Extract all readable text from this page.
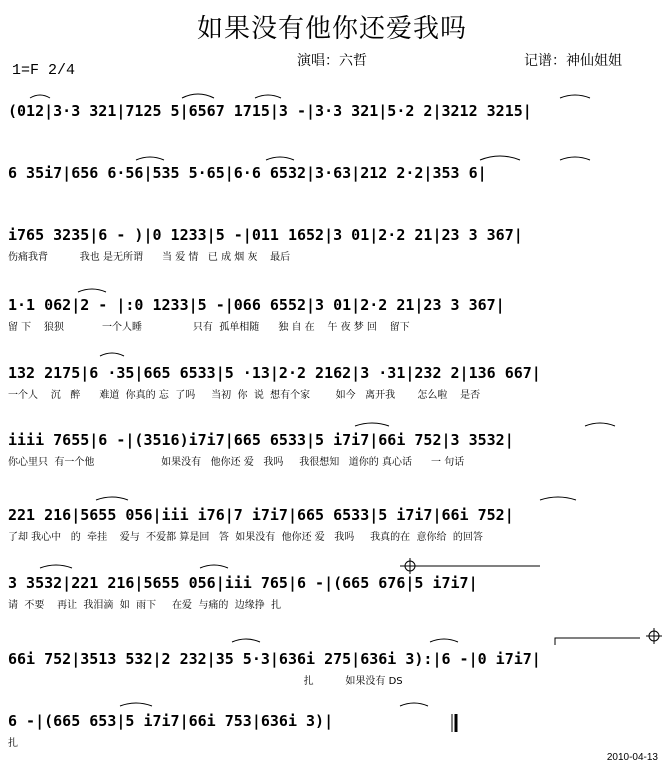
如果没有他你还爱我吗
1=F 2/4
演唱：六哲	记谱：神仙姐姐
(012|3·3 321|7125 5|6567 1715|3 -|3·3 321|5·2 2|3212 3215|
6 35i7|656 6·56|535 5·65|6·6 6532|3·63|212 2·2|353 6|
i765 3235|6 - )|0 1233|5 -|011 1652|3 01|2·2 21|23 3 367|
伤痛我背          我也 是无所谓      当 爱 情   已 成 烟 灰    最后
1·1 062|2 - |:0 1233|5 -|066 6552|3 01|2·2 21|23 3 367|
留 下    狼狈            一个人睡                只有  孤单相随      独 自 在    午 夜 梦 回    留下
132 2175|6 ·35|665 6533|5 ·13|2·2 2162|3 ·31|232 2|136 667|
一个人    沉   醉      难道  你真的 忘  了吗     当初  你  说  想有个家        如今   离开我       怎么啦    是否
iiii 7655|6 -|(3516)i7i7|665 6533|5 i7i7|66i 752|3 3532|
你心里只  有一个他                     如果没有   他你还 爱   我吗     我很想知   道你的 真心话      一 句话
221 216|5655 056|iii i76|7 i7i7|665 6533|5 i7i7|66i 752|
了却 我心中   的  牵挂    爱与  不爱都 算是回   答  如果没有  他你还 爱   我吗     我真的在  意你给  的回答
3 3532|221 216|5655 056|iii 765|6 -|(665 676|5 i7i7|
请  不要    再让  我泪滴  如  雨下     在爱  与痛的  边缘挣  扎
66i 752|3513 532|2 232|35 5·3|636i 275|636i 3):|6 -|0 i7i7|
扎          如果没有 DS
6 -|(665 653|5 i7i7|66i 753|636i 3)|
扎
2010-04-13
